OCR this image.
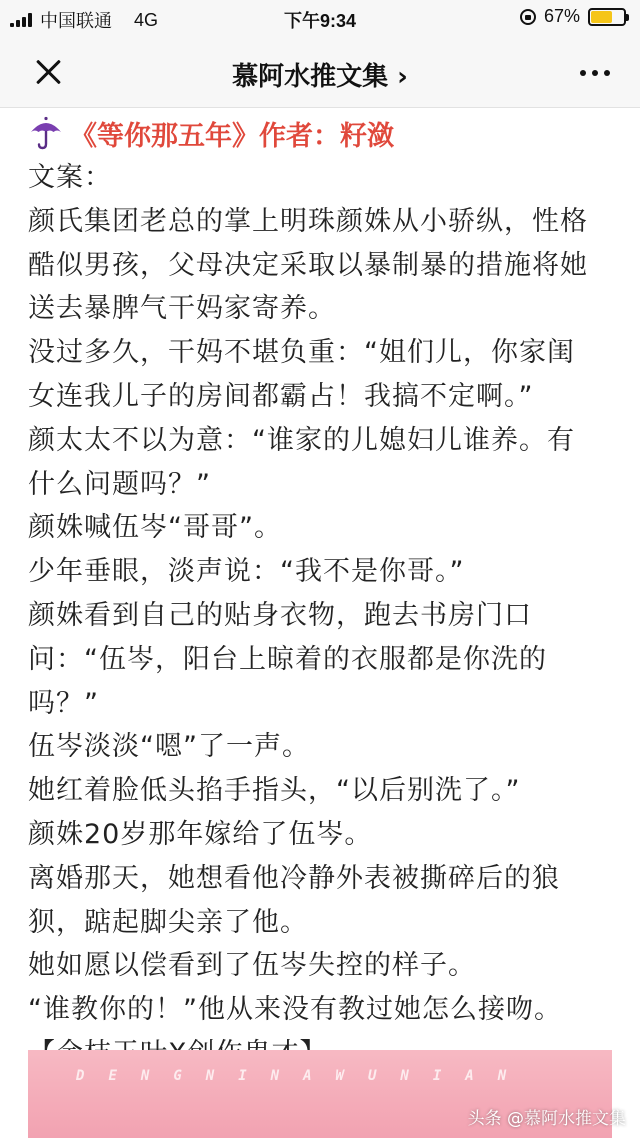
中国联通 4G	下午9:34	67%
慕阿水推文集 ›
《等你那五年》作者：籽潋
文案：
颜氏集团老总的掌上明珠颜姝从小骄纵，性格
酷似男孩，父母决定采取以暴制暴的措施将她
送去暴脾气干妈家寄养。
没过多久，干妈不堪负重：“姐们儿，你家闺
女连我儿子的房间都霸占！我搞不定啊。”
颜太太不以为意：“谁家的儿媳妇儿谁养。有
什么问题吗？”
颜姝喊伍岑“哥哥”。
少年垂眼，淡声说：“我不是你哥。”
颜姝看到自己的贴身衣物，跑去书房门口
问：“伍岑，阳台上晾着的衣服都是你洗的
吗？”
伍岑淡淡“嗯”了一声。
她红着脸低头掐手指头，“以后别洗了。”
颜姝20岁那年嫁给了伍岑。
离婚那天，她想看他冷静外表被撕碎后的狼
狈，踮起脚尖亲了他。
她如愿以偿看到了伍岑失控的样子。
“谁教你的！”他从来没有教过她怎么接吻。
D E N G N I N A W U N I A N
头条 @慕阿水推文集
